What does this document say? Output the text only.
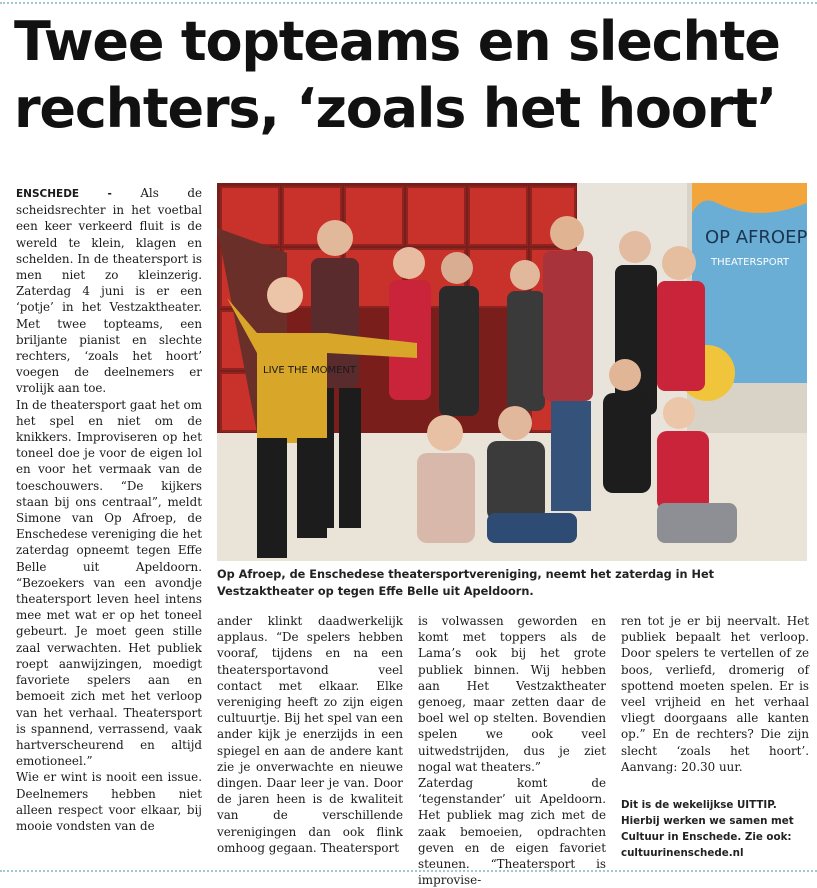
Twee topteams en slechte rechters, ‘zoals het hoort’
OP AFROEP
THEATERSPORT
LIVE THE MOMENT

Op Afroep, de Enschedese theatersportvereniging, neemt het zaterdag in Het Vestzaktheater op tegen Effe Belle uit Apeldoorn.

ENSCHEDE - Als de scheidsrechter in het voetbal een keer verkeerd fluit is de wereld te klein, klagen en schelden. In de theatersport is men niet zo kleinzerig. Zaterdag 4 juni is er een ‘potje’ in het Vestzaktheater. Met twee topteams, een briljante pianist en slechte rechters, ‘zoals het hoort’ voegen de deelnemers er vrolijk aan toe.

In de theatersport gaat het om het spel en niet om de knikkers. Improviseren op het toneel doe je voor de eigen lol en voor het vermaak van de toeschouwers. “De kijkers staan bij ons centraal”, meldt Simone van Op Afroep, de Enschedese vereniging die het zaterdag opneemt tegen Effe Belle uit Apeldoorn. “Bezoekers van een avondje theatersport leven heel intens mee met wat er op het toneel gebeurt. Je moet geen stille zaal verwachten. Het publiek roept aanwijzingen, moedigt favoriete spelers aan en bemoeit zich met het verloop van het verhaal. Theatersport is spannend, verrassend, vaak hartverscheurend en altijd emotioneel.”

Wie er wint is nooit een issue. Deelnemers hebben niet alleen respect voor elkaar, bij mooie vondsten van de

ander klinkt daadwerkelijk applaus. “De spelers hebben vooraf, tijdens en na een theatersportavond veel contact met elkaar. Elke vereniging heeft zo zijn eigen cultuurtje. Bij het spel van een ander kijk je enerzijds in een spiegel en aan de andere kant zie je onverwachte en nieuwe dingen. Daar leer je van. Door de jaren heen is de kwaliteit van de verschillende verenigingen dan ook flink omhoog gegaan. Theatersport

is volwassen geworden en komt met toppers als de Lama’s ook bij het grote publiek binnen. Wij hebben aan Het Vestzaktheater genoeg, maar zetten daar de boel wel op stelten. Bovendien spelen we ook veel uitwedstrijden, dus je ziet nogal wat theaters.”

Zaterdag komt de ‘tegenstander’ uit Apeldoorn. Het publiek mag zich met de zaak bemoeien, opdrachten geven en de eigen favoriet steunen. “Theatersport is improvise-

ren tot je er bij neervalt. Het publiek bepaalt het verloop. Door spelers te vertellen of ze boos, verliefd, dromerig of spottend moeten spelen. Er is veel vrijheid en het verhaal vliegt doorgaans alle kanten op.” En de rechters? Die zijn slecht ‘zoals het hoort’. Aanvang: 20.30 uur.

Dit is de wekelijkse UITTIP. Hierbij werken we samen met Cultuur in Enschede. Zie ook: cultuurinenschede.nl
